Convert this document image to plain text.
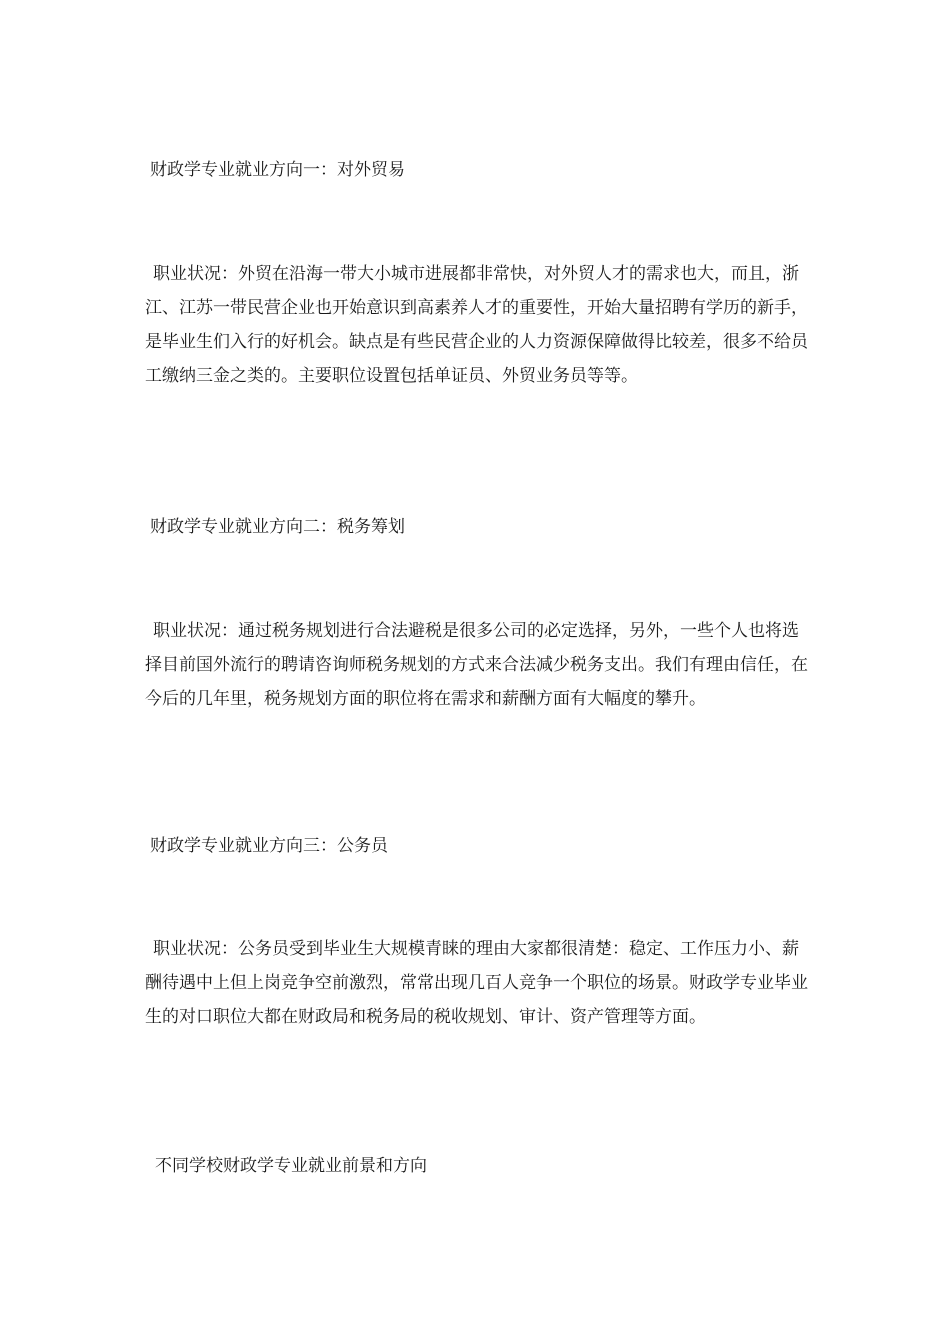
财政学专业就业方向一：对外贸易
职业状况：外贸在沿海一带大小城市进展都非常快，对外贸人才的需求也大，而且，浙江、江苏一带民营企业也开始意识到高素养人才的重要性，开始大量招聘有学历的新手，是毕业生们入行的好机会。缺点是有些民营企业的人力资源保障做得比较差，很多不给员工缴纳三金之类的。主要职位设置包括单证员、外贸业务员等等。
财政学专业就业方向二：税务筹划
职业状况：通过税务规划进行合法避税是很多公司的必定选择，另外，一些个人也将选择目前国外流行的聘请咨询师税务规划的方式来合法减少税务支出。我们有理由信任，在今后的几年里，税务规划方面的职位将在需求和薪酬方面有大幅度的攀升。
财政学专业就业方向三：公务员
职业状况：公务员受到毕业生大规模青睐的理由大家都很清楚：稳定、工作压力小、薪酬待遇中上但上岗竞争空前激烈，常常出现几百人竞争一个职位的场景。财政学专业毕业生的对口职位大都在财政局和税务局的税收规划、审计、资产管理等方面。
不同学校财政学专业就业前景和方向
